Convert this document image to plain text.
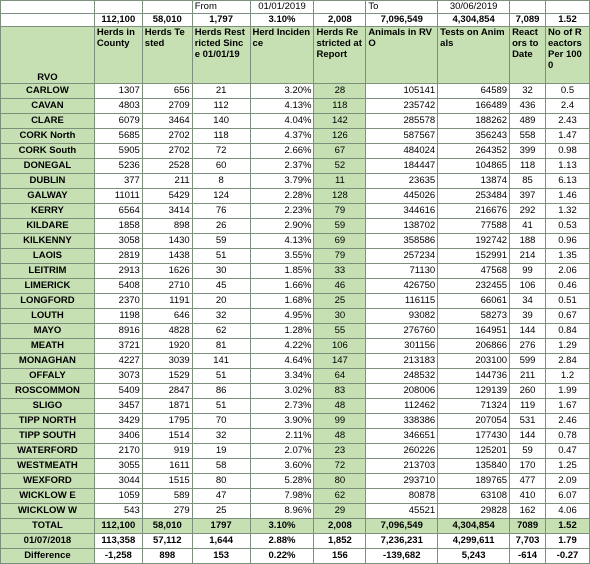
			From	01/01/2019		To	30/06/2019		
	112,100	58,010	1,797	3.10%	2,008	7,096,549	4,304,854	7,089	1.52
RVO	Herds in County	Herds Tested	Herds Restricted Since 01/01/19	Herd Incidence	Herds Restricted at Report	Animals in RVO	Tests on Animals	Reactors to Date	No of Reactors Per 1000
CARLOW	1307	656	21	3.20%	28	105141	64589	32	0.5
CAVAN	4803	2709	112	4.13%	118	235742	166489	436	2.4
CLARE	6079	3464	140	4.04%	142	285578	188262	489	2.43
CORK North	5685	2702	118	4.37%	126	587567	356243	558	1.47
CORK South	5905	2702	72	2.66%	67	484024	264352	399	0.98
DONEGAL	5236	2528	60	2.37%	52	184447	104865	118	1.13
DUBLIN	377	211	8	3.79%	11	23635	13874	85	6.13
GALWAY	11011	5429	124	2.28%	128	445026	253484	397	1.46
KERRY	6564	3414	76	2.23%	79	344616	216676	292	1.32
KILDARE	1858	898	26	2.90%	59	138702	77588	41	0.53
KILKENNY	3058	1430	59	4.13%	69	358586	192742	188	0.96
LAOIS	2819	1438	51	3.55%	79	257234	152991	214	1.35
LEITRIM	2913	1626	30	1.85%	33	71130	47568	99	2.06
LIMERICK	5408	2710	45	1.66%	46	426750	232455	106	0.46
LONGFORD	2370	1191	20	1.68%	25	116115	66061	34	0.51
LOUTH	1198	646	32	4.95%	30	93082	58273	39	0.67
MAYO	8916	4828	62	1.28%	55	276760	164951	144	0.84
MEATH	3721	1920	81	4.22%	106	301156	206866	276	1.29
MONAGHAN	4227	3039	141	4.64%	147	213183	203100	599	2.84
OFFALY	3073	1529	51	3.34%	64	248532	144736	211	1.2
ROSCOMMON	5409	2847	86	3.02%	83	208006	129139	260	1.99
SLIGO	3457	1871	51	2.73%	48	112462	71324	119	1.67
TIPP NORTH	3429	1795	70	3.90%	99	338386	207054	531	2.46
TIPP SOUTH	3406	1514	32	2.11%	48	346651	177430	144	0.78
WATERFORD	2170	919	19	2.07%	23	260226	125201	59	0.47
WESTMEATH	3055	1611	58	3.60%	72	213703	135840	170	1.25
WEXFORD	3044	1515	80	5.28%	80	293710	189765	477	2.09
WICKLOW E	1059	589	47	7.98%	62	80878	63108	410	6.07
WICKLOW W	543	279	25	8.96%	29	45521	29828	162	4.06
TOTAL	112,100	58,010	1797	3.10%	2,008	7,096,549	4,304,854	7089	1.52
01/07/2018	113,358	57,112	1,644	2.88%	1,852	7,236,231	4,299,611	7,703	1.79
Difference	-1,258	898	153	0.22%	156	-139,682	5,243	-614	-0.27
